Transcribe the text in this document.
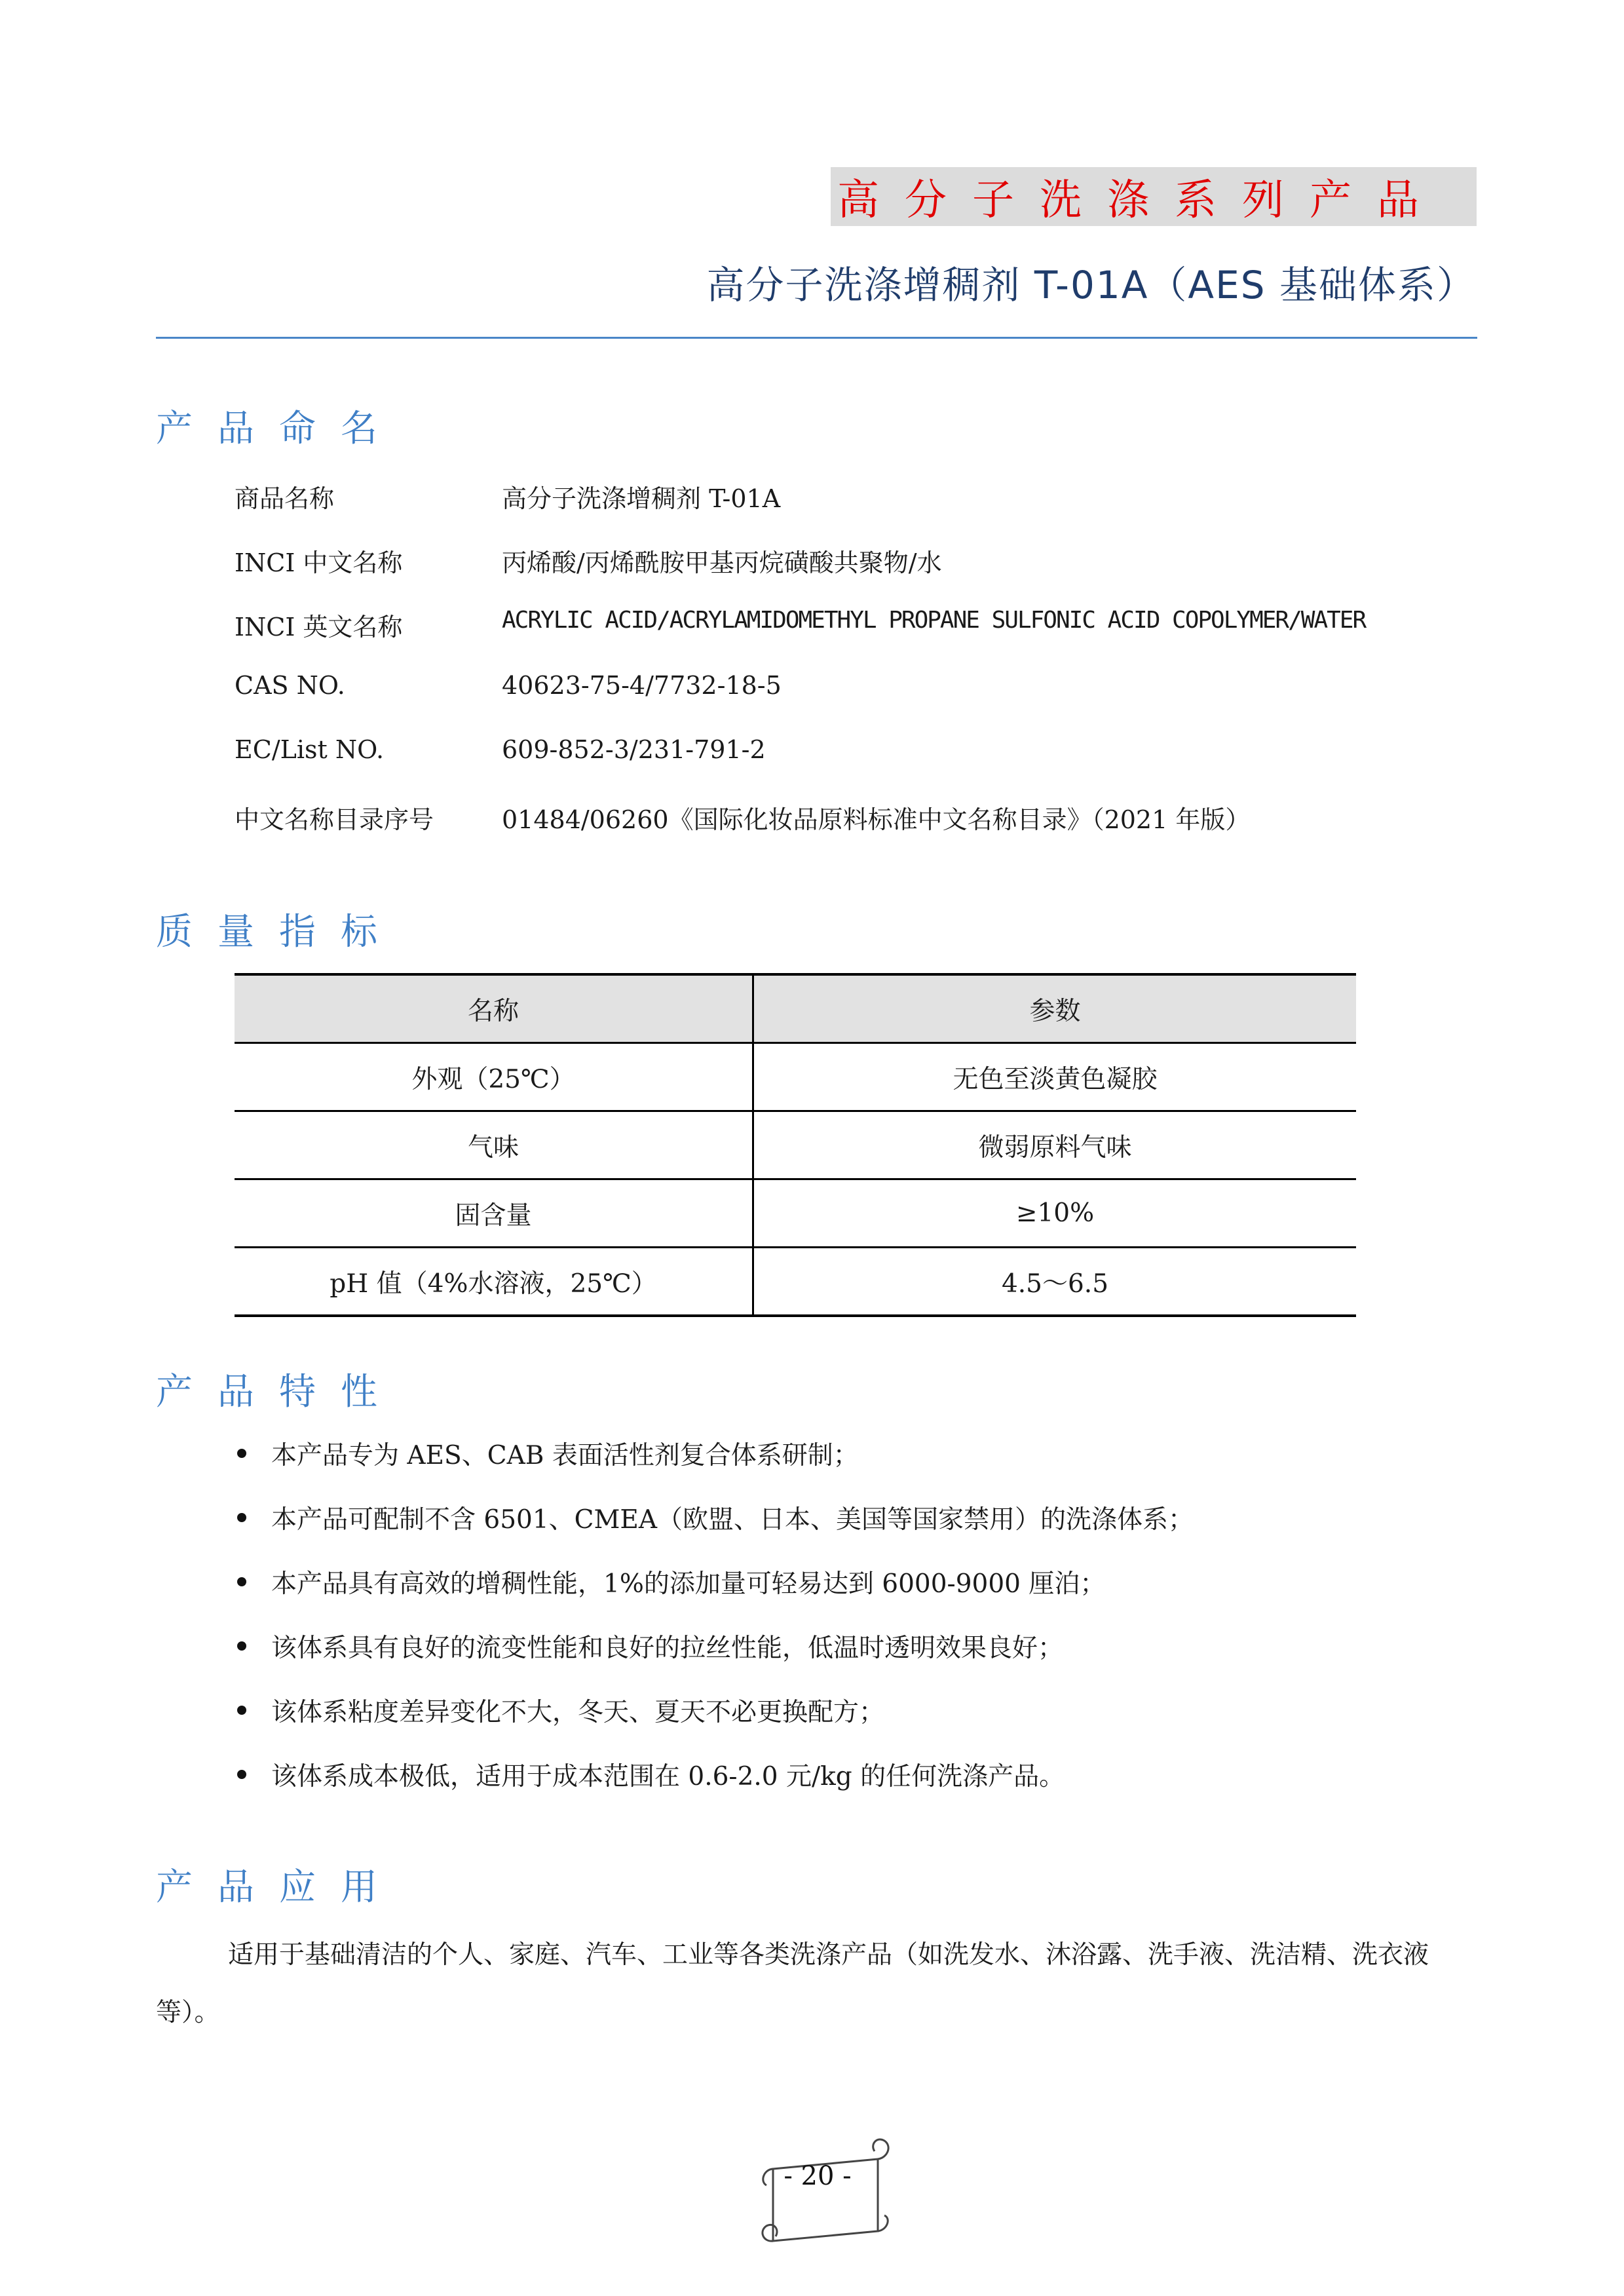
高分子洗涤系列产品
高分子洗涤增稠剂 T-01A（AES 基础体系）
产品命名
商品名称	高分子洗涤增稠剂 T-01A
INCI 中文名称	丙烯酸/丙烯酰胺甲基丙烷磺酸共聚物/水
INCI 英文名称	ACRYLIC ACID/ACRYLAMIDOMETHYL PROPANE SULFONIC ACID COPOLYMER/WATER
CAS NO.	40623-75-4/7732-18-5
EC/List NO.	609-852-3/231-791-2
中文名称目录序号	01484/06260《国际化妆品原料标准中文名称目录》（2021 年版）
质量指标
名称	参数
外观（25℃）	无色至淡黄色凝胶
气味	微弱原料气味
固含量	≥10%
pH 值（4%水溶液，25℃）	4.5～6.5
产品特性
本产品专为 AES、CAB 表面活性剂复合体系研制；
本产品可配制不含 6501、CMEA（欧盟、日本、美国等国家禁用）的洗涤体系；
本产品具有高效的增稠性能，1%的添加量可轻易达到 6000-9000 厘泊；
该体系具有良好的流变性能和良好的拉丝性能，低温时透明效果良好；
该体系粘度差异变化不大，冬天、夏天不必更换配方；
该体系成本极低，适用于成本范围在 0.6-2.0 元/kg 的任何洗涤产品。
产品应用

适用于基础清洁的个人、家庭、汽车、工业等各类洗涤产品（如洗发水、沐浴露、洗手液、洗洁精、洗衣液等）。

- 20 -
